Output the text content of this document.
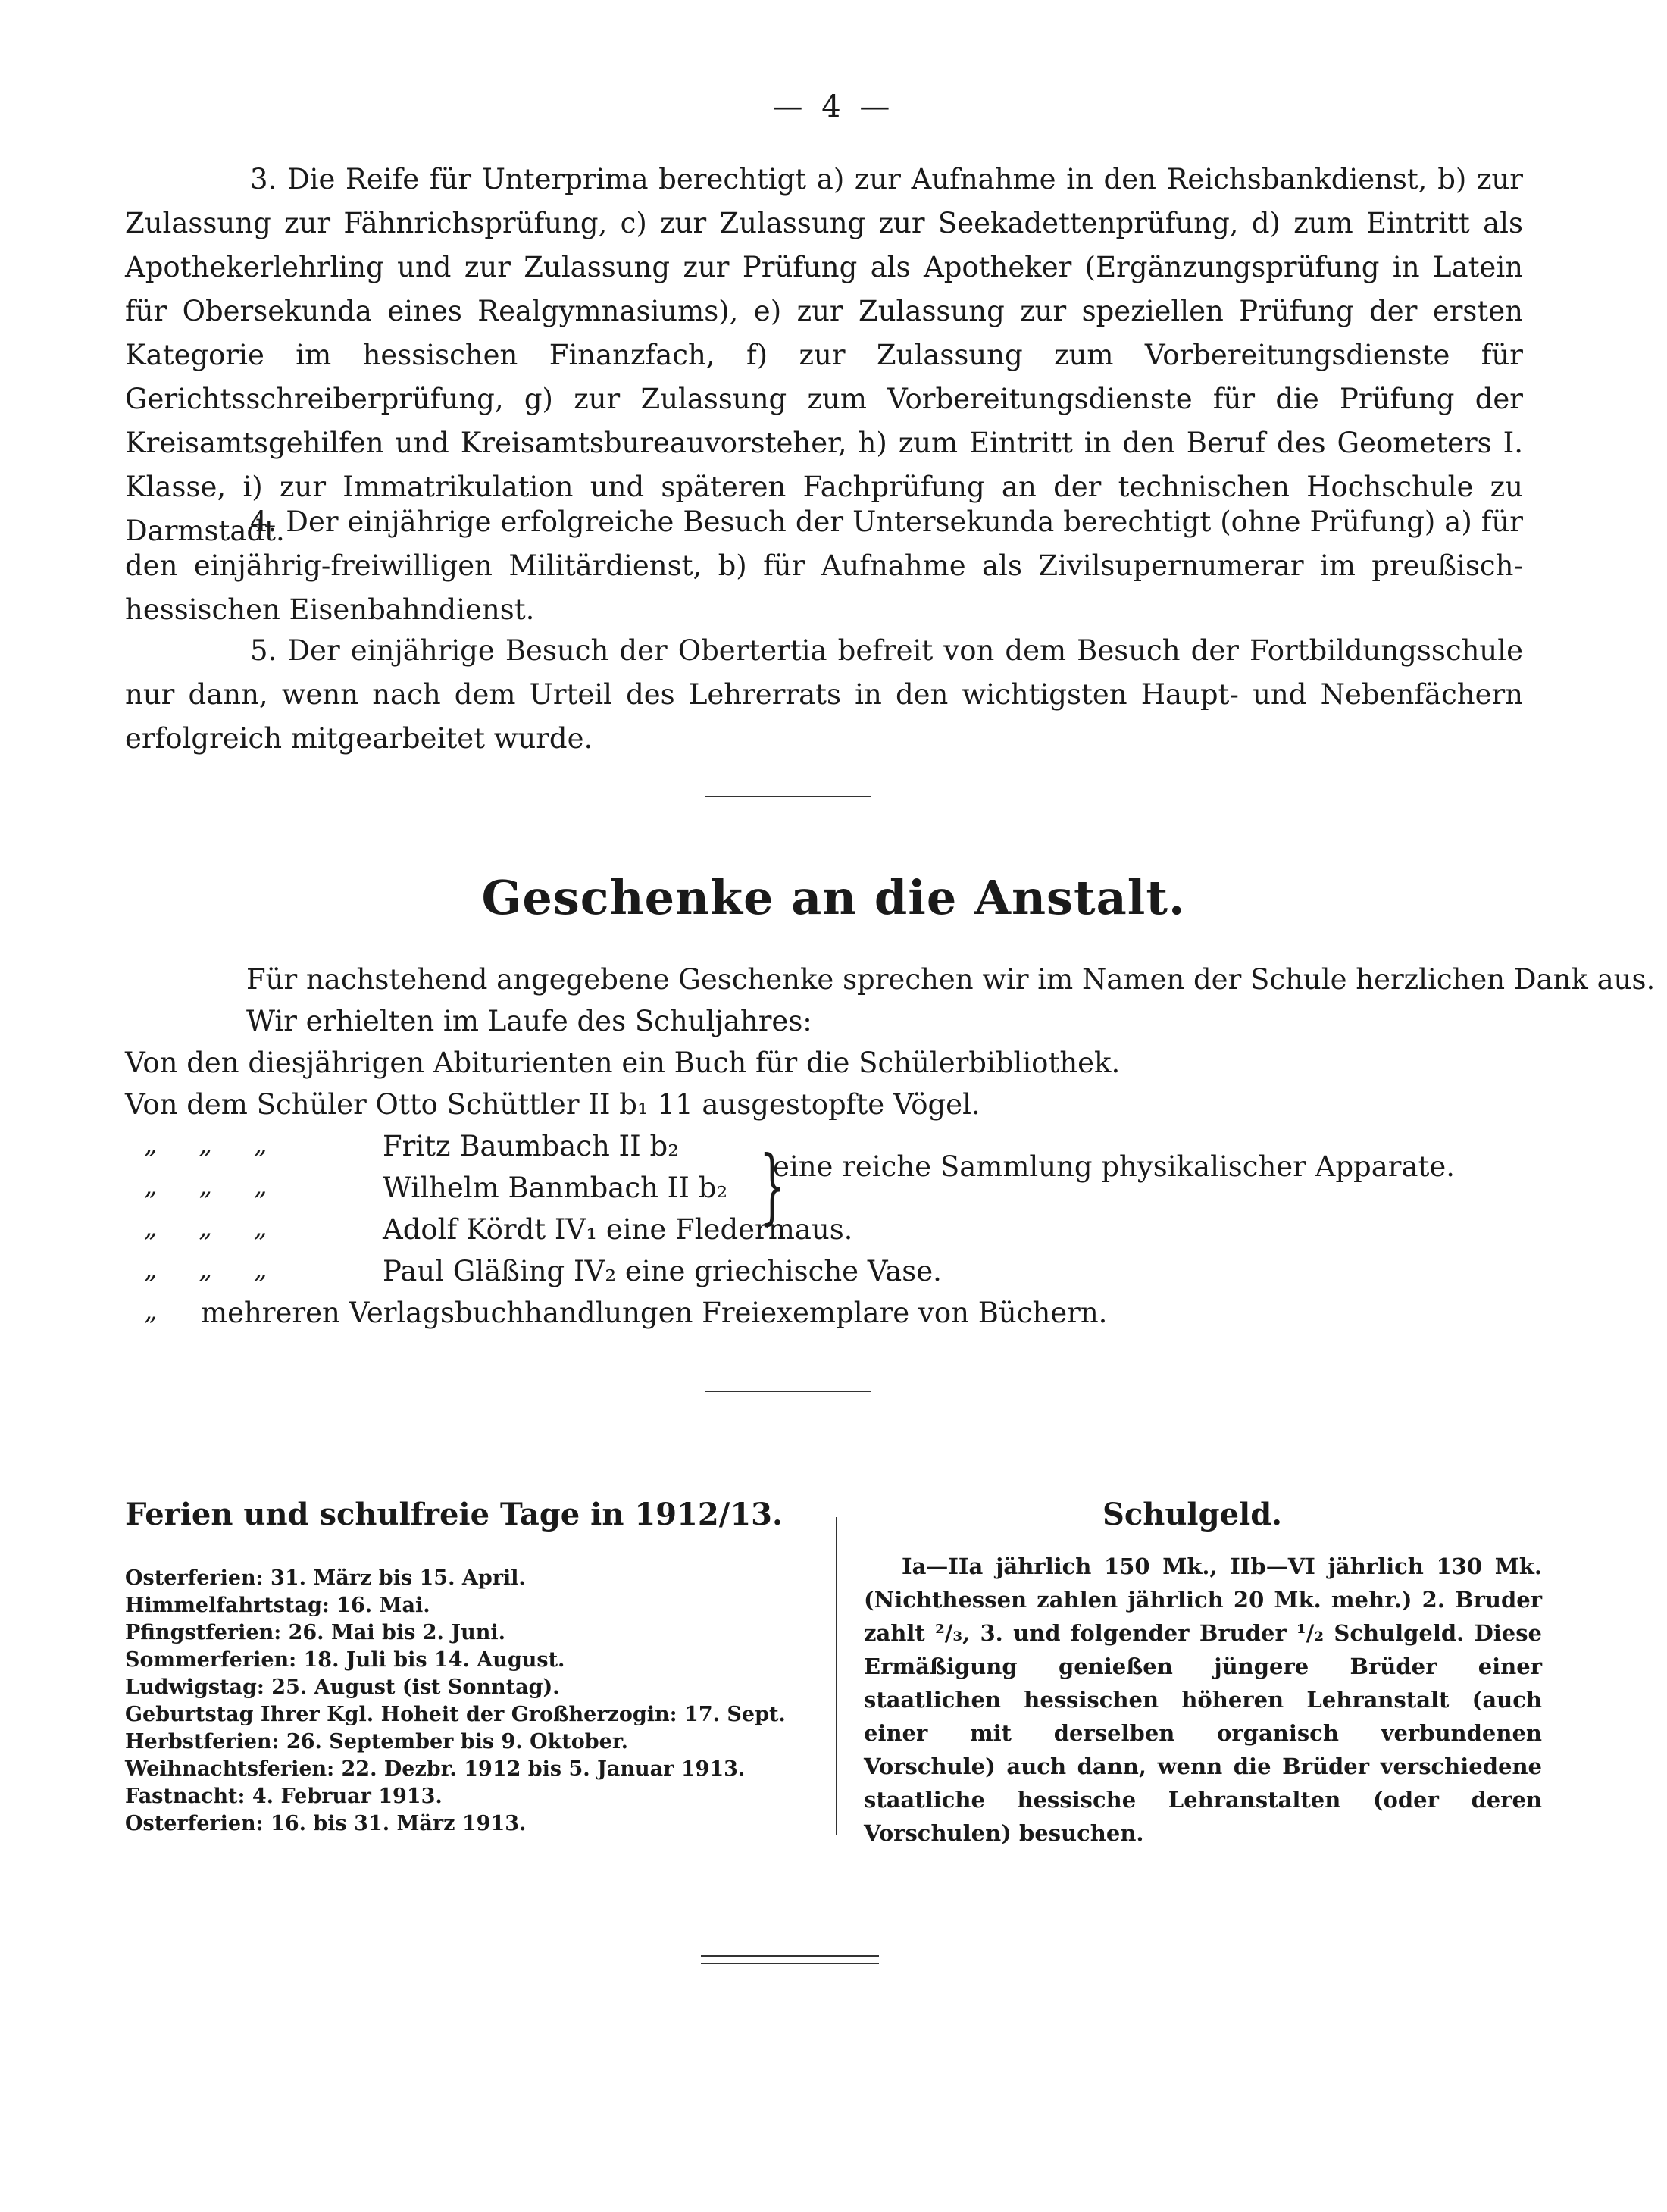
— 4 —

3. Die Reife für Unterprima berechtigt a) zur Aufnahme in den Reichsbankdienst, b) zur Zulassung zur Fähnrichsprüfung, c) zur Zulassung zur Seekadettenprüfung, d) zum Eintritt als Apothekerlehrling und zur Zulassung zur Prüfung als Apotheker (Ergänzungsprüfung in Latein für Obersekunda eines Realgymnasiums), e) zur Zulassung zur speziellen Prüfung der ersten Kategorie im hessischen Finanzfach, f) zur Zulassung zum Vorbereitungsdienste für Gerichtsschreiberprüfung, g) zur Zulassung zum Vorbereitungsdienste für die Prüfung der Kreisamtsgehilfen und Kreisamtsbureauvorsteher, h) zum Eintritt in den Beruf des Geometers I. Klasse, i) zur Immatrikulation und späteren Fachprüfung an der technischen Hochschule zu Darmstadt.

4. Der einjährige erfolgreiche Besuch der Untersekunda berechtigt (ohne Prüfung) a) für den einjährig-freiwilligen Militärdienst, b) für Aufnahme als Zivilsupernumerar im preußisch-hessischen Eisenbahndienst.

5. Der einjährige Besuch der Obertertia befreit von dem Besuch der Fortbildungsschule nur dann, wenn nach dem Urteil des Lehrerrats in den wichtigsten Haupt- und Nebenfächern erfolgreich mitgearbeitet wurde.

Geschenke an die Anstalt.
Für nachstehend angegebene Geschenke sprechen wir im Namen der Schule herzlichen Dank aus.
Wir erhielten im Laufe des Schuljahres:
Von den diesjährigen Abiturienten ein Buch für die Schülerbibliothek.
Von dem Schüler Otto Schüttler II b₁ 11 ausgestopfte Vögel.
„ „ „	Fritz Baumbach II b₂
„ „ „	Wilhelm Banmbach II b₂ }
eine reiche Sammlung physikalischer Apparate.
„ „ „	Adolf Kördt IV₁ eine Fledermaus.
„ „ „	Paul Gläßing IV₂ eine griechische Vase.
„ mehreren Verlagsbuchhandlungen Freiexemplare von Büchern.
Ferien und schulfreie Tage in 1912/13.
Osterferien: 31. März bis 15. April.
Himmelfahrtstag: 16. Mai.
Pfingstferien: 26. Mai bis 2. Juni.
Sommerferien: 18. Juli bis 14. August.
Ludwigstag: 25. August (ist Sonntag).
Geburtstag Ihrer Kgl. Hoheit der Großherzogin: 17. Sept.
Herbstferien: 26. September bis 9. Oktober.
Weihnachtsferien: 22. Dezbr. 1912 bis 5. Januar 1913.
Fastnacht: 4. Februar 1913.
Osterferien: 16. bis 31. März 1913.
Schulgeld.

Ia—IIa jährlich 150 Mk., IIb—VI jährlich 130 Mk. (Nichthessen zahlen jährlich 20 Mk. mehr.) 2. Bruder zahlt ²/₃, 3. und folgender Bruder ¹/₂ Schulgeld. Diese Ermäßigung genießen jüngere Brüder einer staatlichen hessischen höheren Lehranstalt (auch einer mit derselben organisch verbundenen Vorschule) auch dann, wenn die Brüder verschiedene staatliche hessische Lehranstalten (oder deren Vorschulen) besuchen.
